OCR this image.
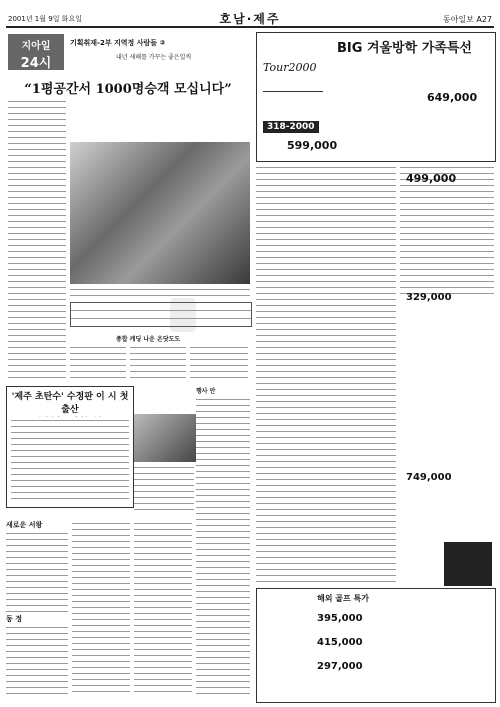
2001년 1월 9일 화요일	호남·제주	동아일보 A27
지아일
24시
기획취재-2부 지역정 사람들 ②
내년 새해를 가꾸는 좋은일씩
“1평공간서 1000명승객 모십니다”
종합 캐딩 나운 온닷도도
'제주 초탄수' 수정판 이 시 첫 출산
행사 안
새로운 서왕
동 정
BIG 겨울방학 가족특선
Tour2000
649,000
318-2000
599,000
499,000
329,000
749,000
해외 골프 특가
395,000
415,000
297,000
